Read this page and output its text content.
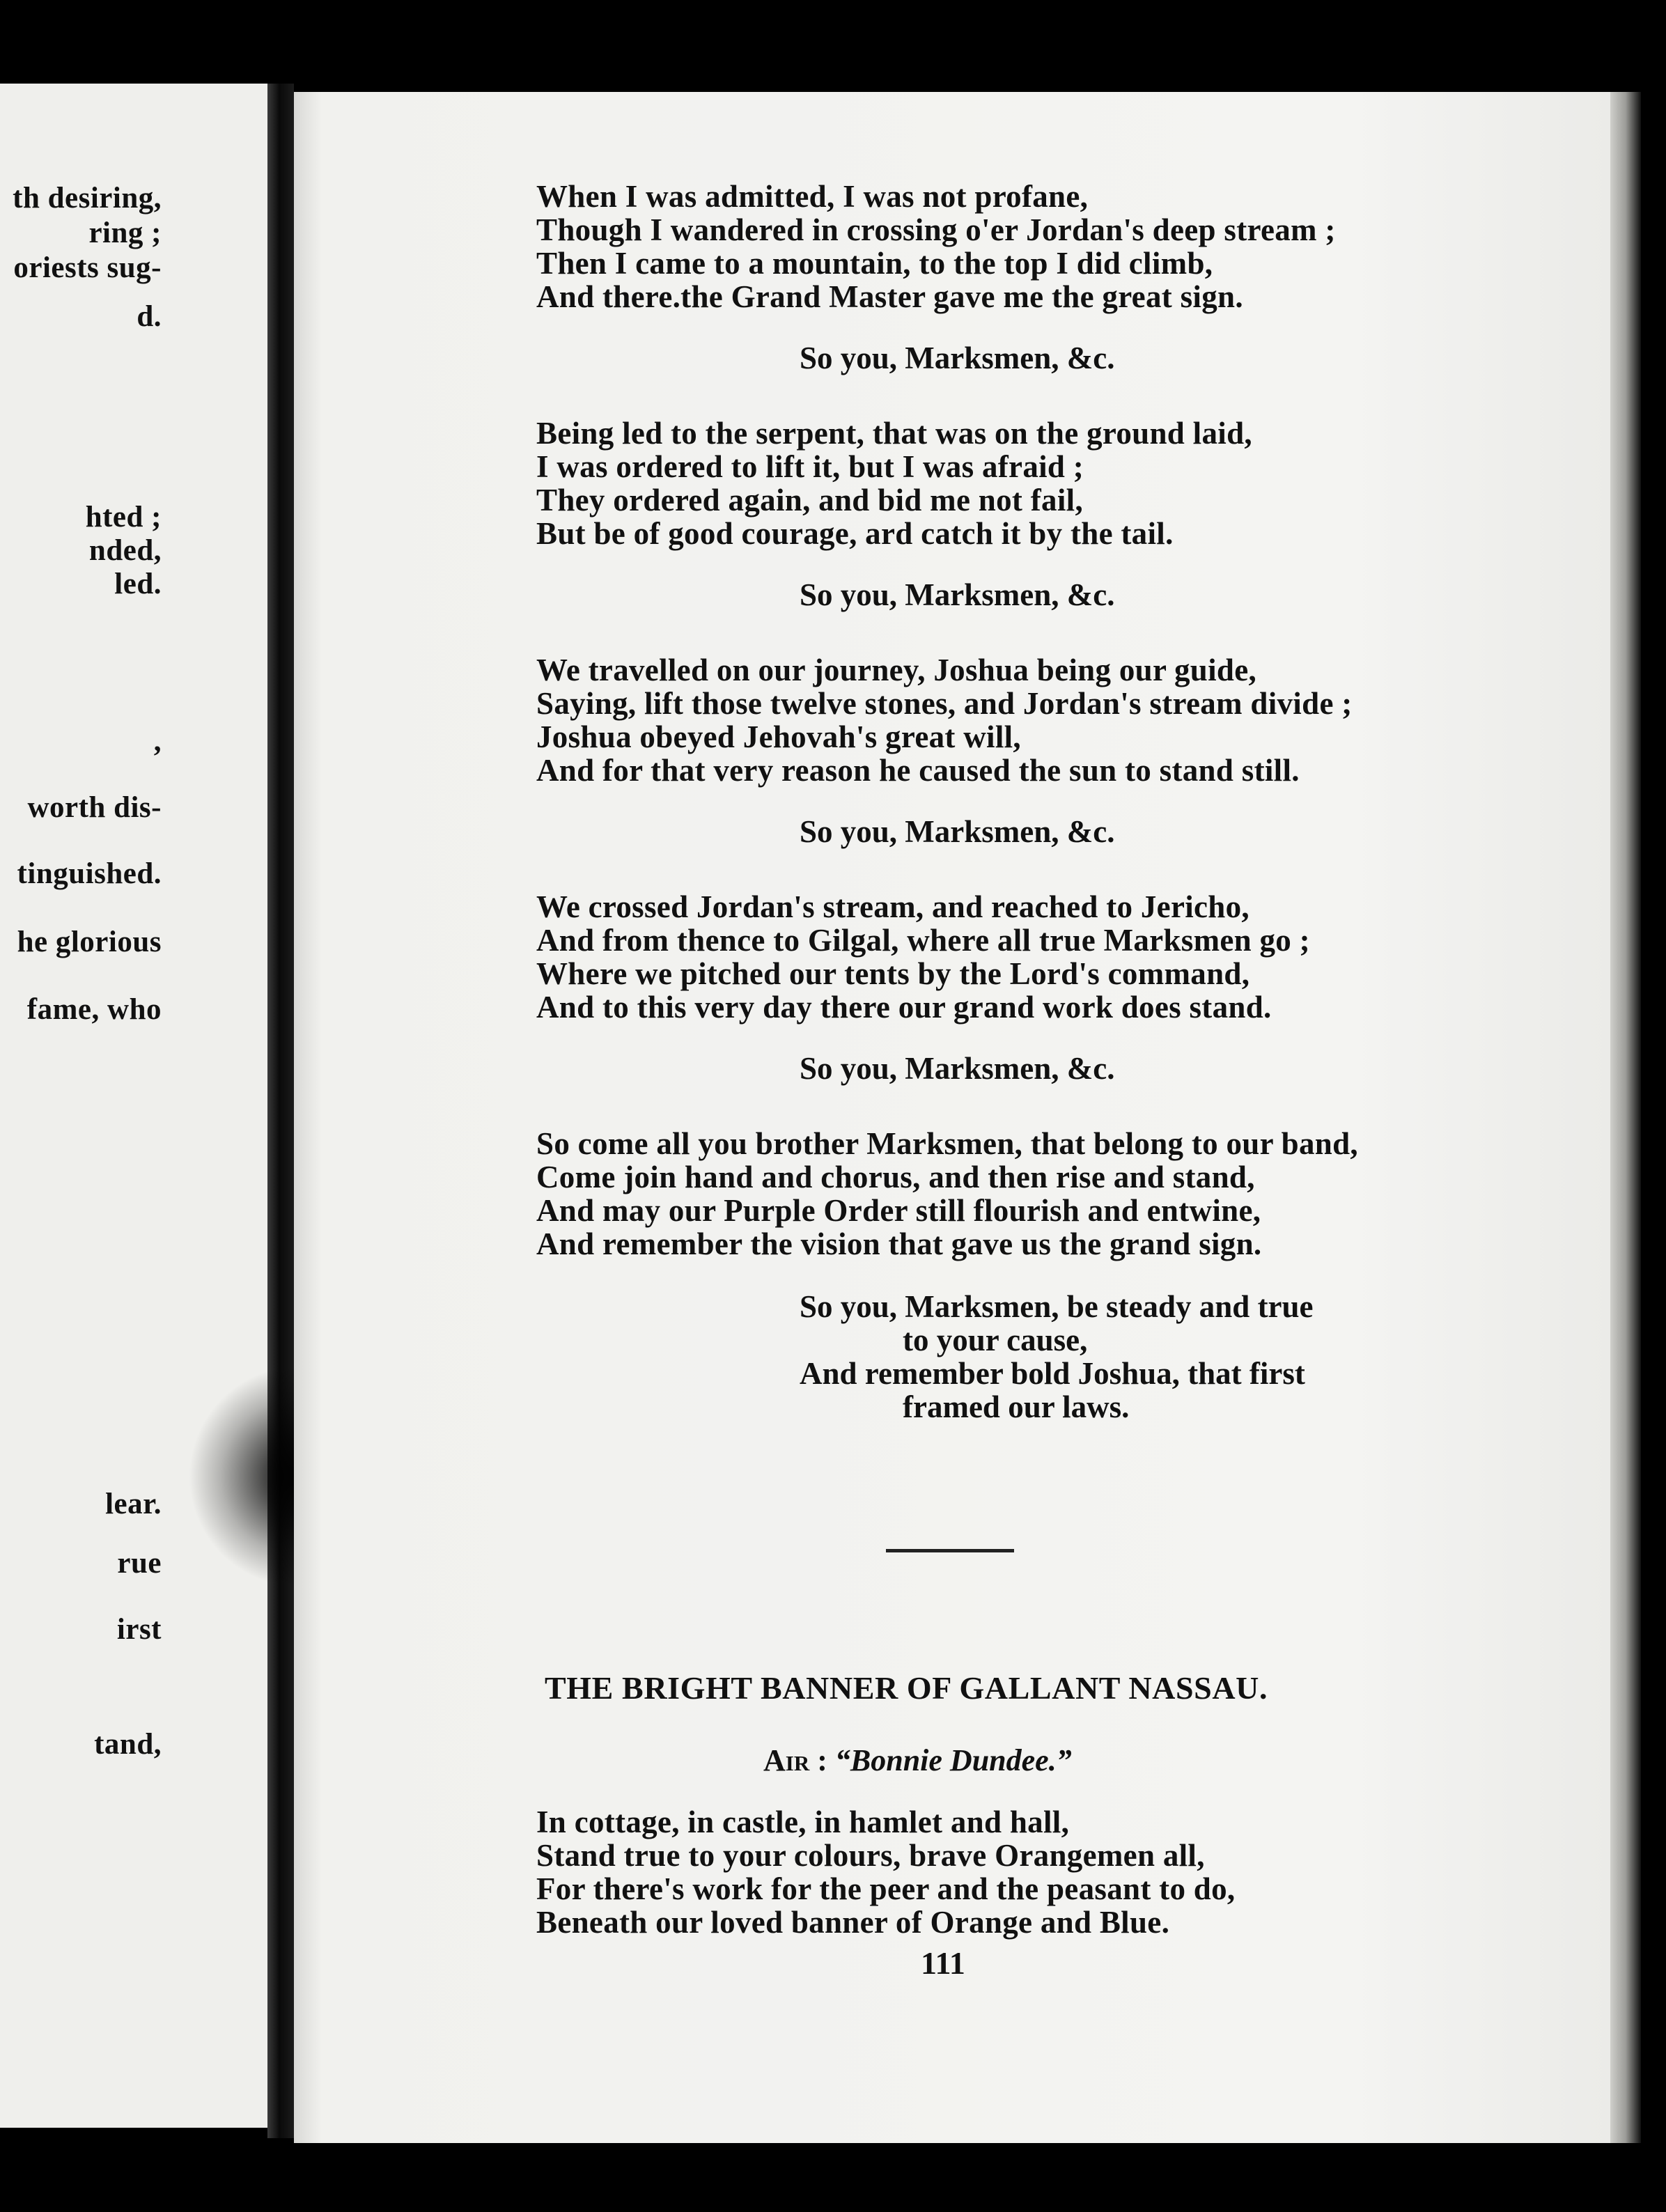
th desiring,
ring ;
oriests sug-
d.
hted ;
nded,
led.
,
worth dis-
tinguished.
he glorious
fame, who
lear.
rue
irst
tand,
When I was admitted, I was not profane,
Though I wandered in crossing o'er Jordan's deep stream ;
Then I came to a mountain, to the top I did climb,
And there.the Grand Master gave me the great sign.
So you, Marksmen, &c.
Being led to the serpent, that was on the ground laid,
I was ordered to lift it, but I was afraid ;
They ordered again, and bid me not fail,
But be of good courage, ard catch it by the tail.
So you, Marksmen, &c.
We travelled on our journey, Joshua being our guide,
Saying, lift those twelve stones, and Jordan's stream divide ;
Joshua obeyed Jehovah's great will,
And for that very reason he caused the sun to stand still.
So you, Marksmen, &c.
We crossed Jordan's stream, and reached to Jericho,
And from thence to Gilgal, where all true Marksmen go ;
Where we pitched our tents by the Lord's command,
And to this very day there our grand work does stand.
So you, Marksmen, &c.
So come all you brother Marksmen, that belong to our band,
Come join hand and chorus, and then rise and stand,
And may our Purple Order still flourish and entwine,
And remember the vision that gave us the grand sign.
So you, Marksmen, be steady and true
to your cause,
And remember bold Joshua, that first
framed our laws.
THE BRIGHT BANNER OF GALLANT NASSAU.
Air : “Bonnie Dundee.”
In cottage, in castle, in hamlet and hall,
Stand true to your colours, brave Orangemen all,
For there's work for the peer and the peasant to do,
Beneath our loved banner of Orange and Blue.
111
